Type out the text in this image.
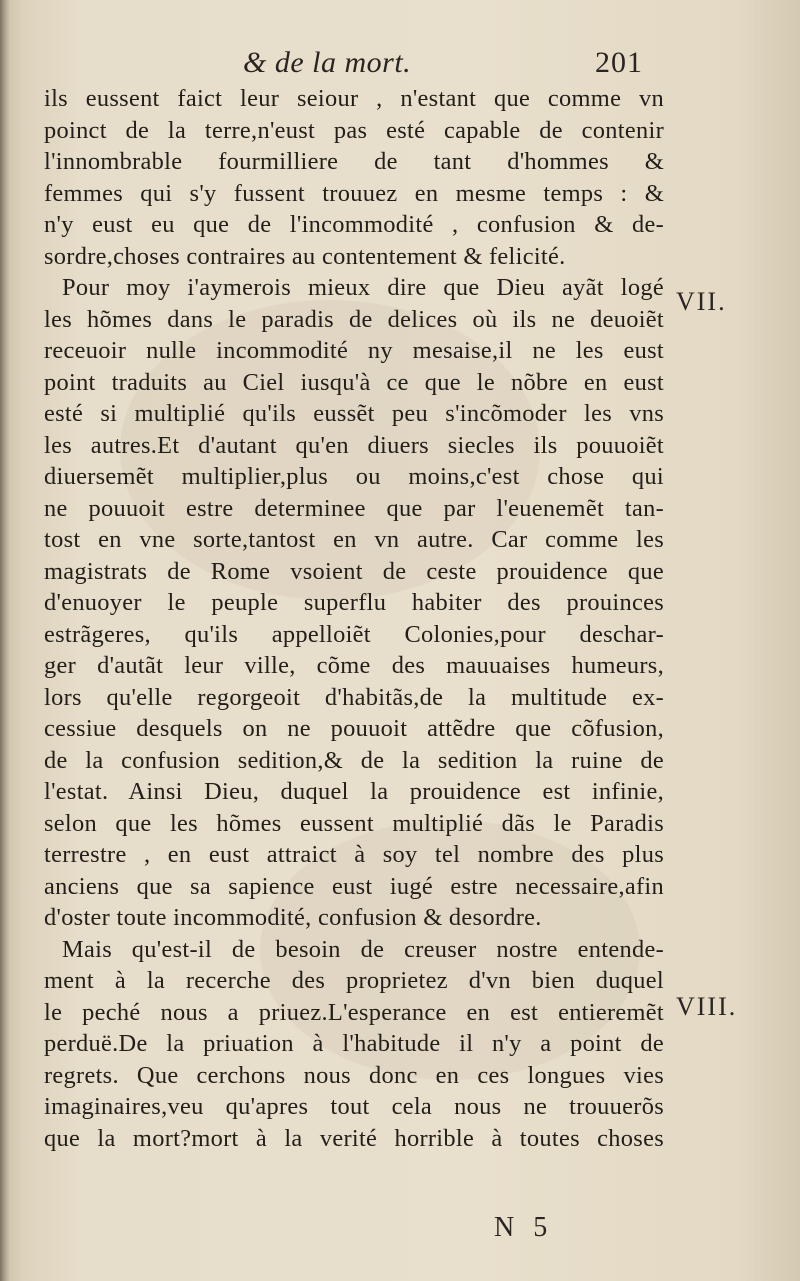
& de la mort.	201
ils eussent faict leur seiour , n'estant que comme vn
poinct de la terre,n'eust pas esté capable de contenir
l'innombrable fourmilliere de tant d'hommes &
femmes qui s'y fussent trouuez en mesme temps : &
n'y eust eu que de l'incommodité , confusion & de-
sordre,choses contraires au contentement & felicité.
Pour moy i'aymerois mieux dire que Dieu ayãt logé
les hõmes dans le paradis de delices où ils ne deuoiẽt
receuoir nulle incommodité ny mesaise,il ne les eust
point traduits au Ciel iusqu'à ce que le nõbre en eust
esté si multiplié qu'ils eussẽt peu s'incõmoder les vns
les autres.Et d'autant qu'en diuers siecles ils pouuoiẽt
diuersemẽt multiplier,plus ou moins,c'est chose qui
ne pouuoit estre determinee que par l'euenemẽt tan-
tost en vne sorte,tantost en vn autre. Car comme les
magistrats de Rome vsoient de ceste prouidence que
d'enuoyer le peuple superflu habiter des prouinces
estrãgeres, qu'ils appelloiẽt Colonies,pour deschar-
ger d'autãt leur ville, cõme des mauuaises humeurs,
lors qu'elle regorgeoit d'habitãs,de la multitude ex-
cessiue desquels on ne pouuoit attẽdre que cõfusion,
de la confusion sedition,& de la sedition la ruine de
l'estat. Ainsi Dieu, duquel la prouidence est infinie,
selon que les hõmes eussent multiplié dãs le Paradis
terrestre , en eust attraict à soy tel nombre des plus
anciens que sa sapience eust iugé estre necessaire,afin
d'oster toute incommodité, confusion & desordre.
Mais qu'est-il de besoin de creuser nostre entende-
ment à la recerche des proprietez d'vn bien duquel
le peché nous a priuez.L'esperance en est entieremẽt
perduë.De la priuation à l'habitude il n'y a point de
regrets. Que cerchons nous donc en ces longues vies
imaginaires,veu qu'apres tout cela nous ne trouuerõs
que la mort?mort à la verité horrible à toutes choses
VII.
VIII.
N 5
